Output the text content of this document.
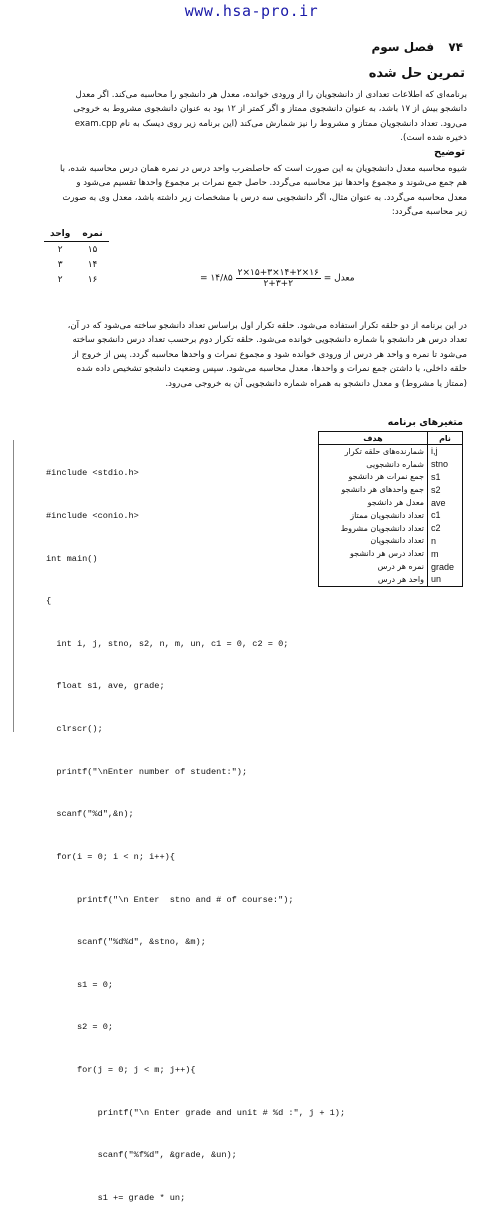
www.hsa-pro.ir
۷۴ فصل سوم
تمرین حل شده
برنامه‌ای که اطلاعات تعدادی از دانشجویان را از ورودی خوانده، معدل هر دانشجو را محاسبه می‌کند. اگر معدل
دانشجو بیش از ۱۷ باشد، به عنوان دانشجوی ممتاز و اگر کمتر از ۱۲ بود به عنوان دانشجوی مشروط به خروجی
می‌رود. تعداد دانشجویان ممتاز و مشروط را نیز شمارش می‌کند (این برنامه زیر روی دیسک به نام exam.cpp
ذخیره شده است).
توضیح
شیوه محاسبه معدل دانشجویان به این صورت است که حاصلضرب واحد درس در نمره همان درس محاسبه شده، با
هم جمع می‌شوند و مجموع واحدها نیز محاسبه می‌گردد. حاصل جمع نمرات بر مجموع واحدها تقسیم می‌شود و
معدل محاسبه می‌گردد. به عنوان مثال، اگر دانشجویی سه درس با مشخصات زیر داشته باشد، معدل وی به صورت
زیر محاسبه می‌گردد:
نمره	واحد
۱۵	۲
۱۴	۳
۱۶	۲	= ۱۴/۸۵ $\frac{۲\times ۱۵+۳\times ۱۴+۲\times ۱۶}{۲+۳+۲}$ معدل =
در این برنامه از دو حلقه تکرار استفاده می‌شود. حلقه تکرار اول براساس تعداد دانشجو ساخته می‌شود که در آن،
تعداد درس هر دانشجو با شماره دانشجویی خوانده می‌شود. حلقه تکرار دوم برحسب تعداد درس دانشجو ساخته
می‌شود تا نمره و واحد هر درس از ورودی خوانده شود و مجموع نمرات و واحدها محاسبه گردد. پس از خروج از
حلقه داخلی، با داشتن جمع نمرات و واحدها، معدل محاسبه می‌شود. سپس وضعیت دانشجو تشخیص داده شده
(ممتاز یا مشروط) و معدل دانشجو به همراه شماره دانشجویی آن به خروجی می‌رود.

#include <stdio.h>

#include <conio.h>

int main()

{

int i, j, stno, s2, n, m, un, c1 = 0, c2 = 0;

float s1, ave, grade;

clrscr();

printf("\nEnter number of student:");

scanf("%d",&n);

for(i = 0; i < n; i++){

printf("\n Enter  stno and # of course:");

scanf("%d%d", &stno, &m);

s1 = 0;

s2 = 0;

for(j = 0; j < m; j++){

printf("\n Enter grade and unit # %d :", j + 1);

scanf("%f%d", &grade, &un);

s1 += grade * un;

متغیرهای برنامه
نام	هدف
i,j	شمارنده‌های حلقه تکرار
stno	شماره دانشجویی
s1	جمع نمرات هر دانشجو
s2	جمع واحدهای هر دانشجو
ave	معدل هر دانشجو
c1	تعداد دانشجویان ممتاز
c2	تعداد دانشجویان مشروط
n	تعداد دانشجویان
m	تعداد درس هر دانشجو
grade	نمره هر درس
un	واحد هر درس
